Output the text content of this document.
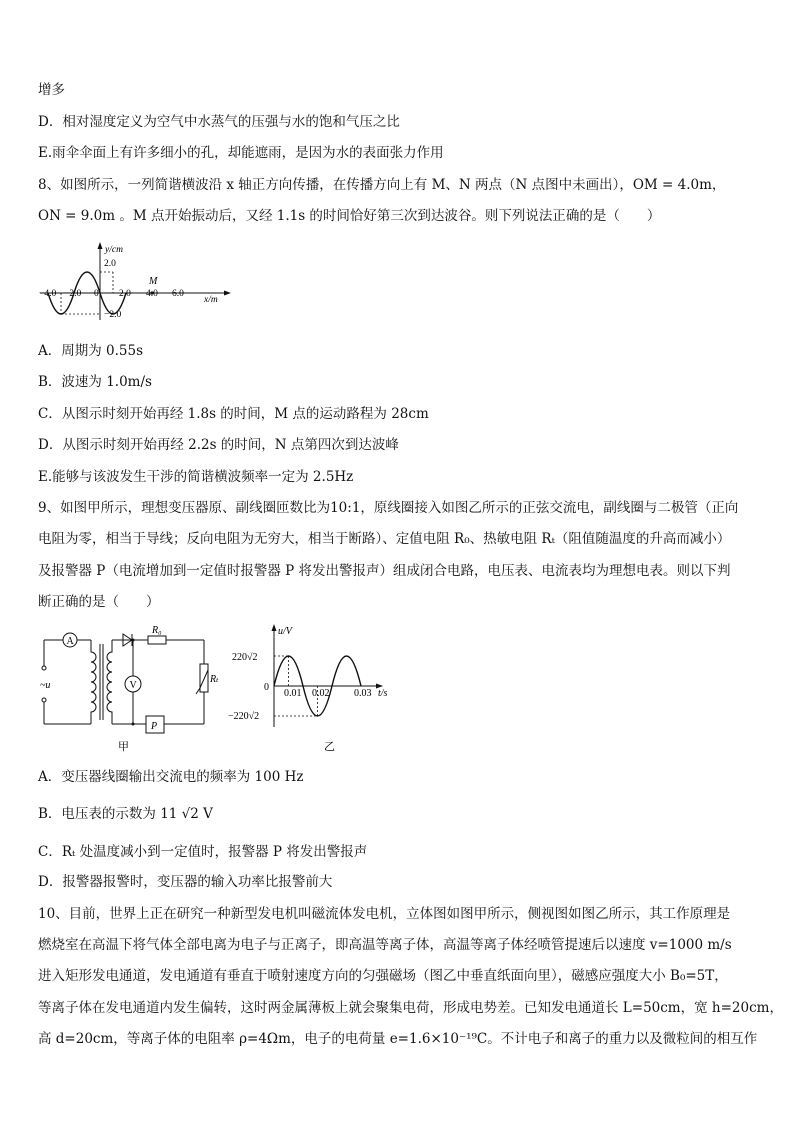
增多
D．相对湿度定义为空气中水蒸气的压强与水的饱和气压之比
E.雨伞伞面上有许多细小的孔，却能遮雨，是因为水的表面张力作用
8、如图所示，一列简谐横波沿 x 轴正方向传播，在传播方向上有 M、N 两点（N 点图中未画出），OM = 4.0m，
ON = 9.0m 。M 点开始振动后，又经 1.1s 的时间恰好第三次到达波谷。则下列说法正确的是（　　）
M
y/cm
2.0
−2.0
x/m
−4.0 −2.0 0 2.0 4.0 6.0
A．周期为 0.55s
B．波速为 1.0m/s
C．从图示时刻开始再经 1.8s 的时间，M 点的运动路程为 28cm
D．从图示时刻开始再经 2.2s 的时间，N 点第四次到达波峰
E.能够与该波发生干涉的简谐横波频率一定为 2.5Hz
9、如图甲所示，理想变压器原、副线圈匝数比为10:1，原线圈接入如图乙所示的正弦交流电，副线圈与二极管（正向
电阻为零，相当于导线；反向电阻为无穷大，相当于断路）、定值电阻 R₀、热敏电阻 Rₜ（阻值随温度的升高而减小）
及报警器 P（电流增加到一定值时报警器 P 将发出警报声）组成闭合电路，电压表、电流表均为理想电表。则以下判
断正确的是（　　）
A
~u
R₀
Rₜ
P
V
甲
u/V
220√2
−220√2
0
0.01 0.02 0.03 t/s
乙
A．变压器线圈输出交流电的频率为 100 Hz
B．电压表的示数为 11 √2 V
C．Rₜ 处温度减小到一定值时，报警器 P 将发出警报声
D．报警器报警时，变压器的输入功率比报警前大
10、目前，世界上正在研究一种新型发电机叫磁流体发电机，立体图如图甲所示，侧视图如图乙所示，其工作原理是
燃烧室在高温下将气体全部电离为电子与正离子，即高温等离子体，高温等离子体经喷管提速后以速度 v=1000 m/s
进入矩形发电通道，发电通道有垂直于喷射速度方向的匀强磁场（图乙中垂直纸面向里），磁感应强度大小 B₀=5T，
等离子体在发电通道内发生偏转，这时两金属薄板上就会聚集电荷，形成电势差。已知发电通道长 L=50cm，宽 h=20cm，
高 d=20cm，等离子体的电阻率 ρ=4Ωm，电子的电荷量 e=1.6×10⁻¹⁹C。不计电子和离子的重力以及微粒间的相互作
